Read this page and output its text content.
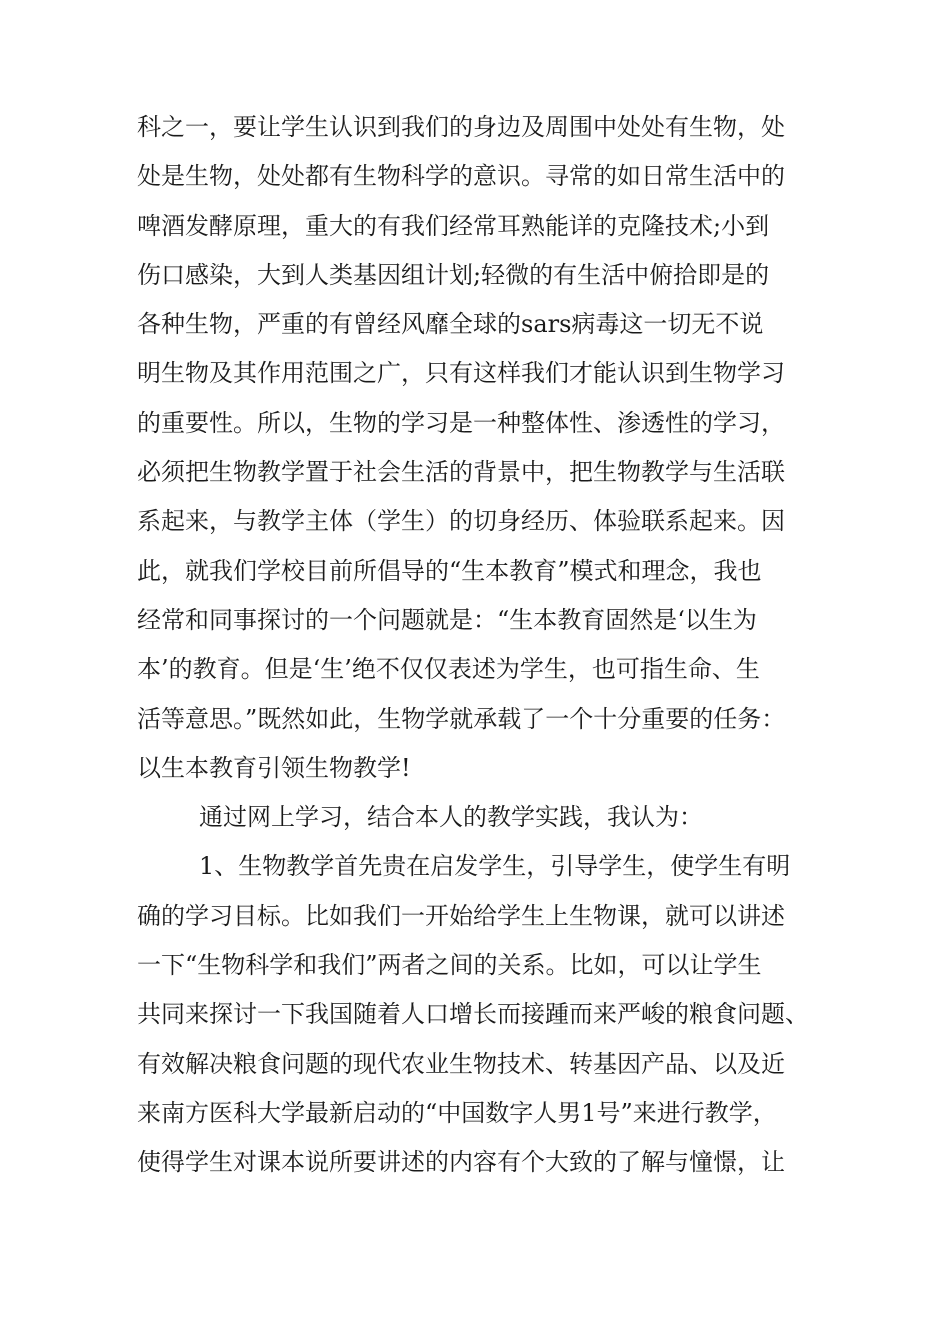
科之一，要让学生认识到我们的身边及周围中处处有生物，处
处是生物，处处都有生物科学的意识。寻常的如日常生活中的
啤酒发酵原理，重大的有我们经常耳熟能详的克隆技术;小到
伤口感染，大到人类基因组计划;轻微的有生活中俯拾即是的
各种生物，严重的有曾经风靡全球的sars病毒这一切无不说
明生物及其作用范围之广，只有这样我们才能认识到生物学习
的重要性。所以，生物的学习是一种整体性、渗透性的学习，
必须把生物教学置于社会生活的背景中，把生物教学与生活联
系起来，与教学主体（学生）的切身经历、体验联系起来。因
此，就我们学校目前所倡导的“生本教育”模式和理念，我也
经常和同事探讨的一个问题就是：“生本教育固然是‘以生为
本’的教育。但是‘生’绝不仅仅表述为学生，也可指生命、生
活等意思。”既然如此，生物学就承载了一个十分重要的任务：
以生本教育引领生物教学!
通过网上学习，结合本人的教学实践，我认为：
1、生物教学首先贵在启发学生，引导学生，使学生有明
确的学习目标。比如我们一开始给学生上生物课，就可以讲述
一下“生物科学和我们”两者之间的关系。比如，可以让学生
共同来探讨一下我国随着人口增长而接踵而来严峻的粮食问题、
有效解决粮食问题的现代农业生物技术、转基因产品、以及近
来南方医科大学最新启动的“中国数字人男1号”来进行教学，
使得学生对课本说所要讲述的内容有个大致的了解与憧憬，让
